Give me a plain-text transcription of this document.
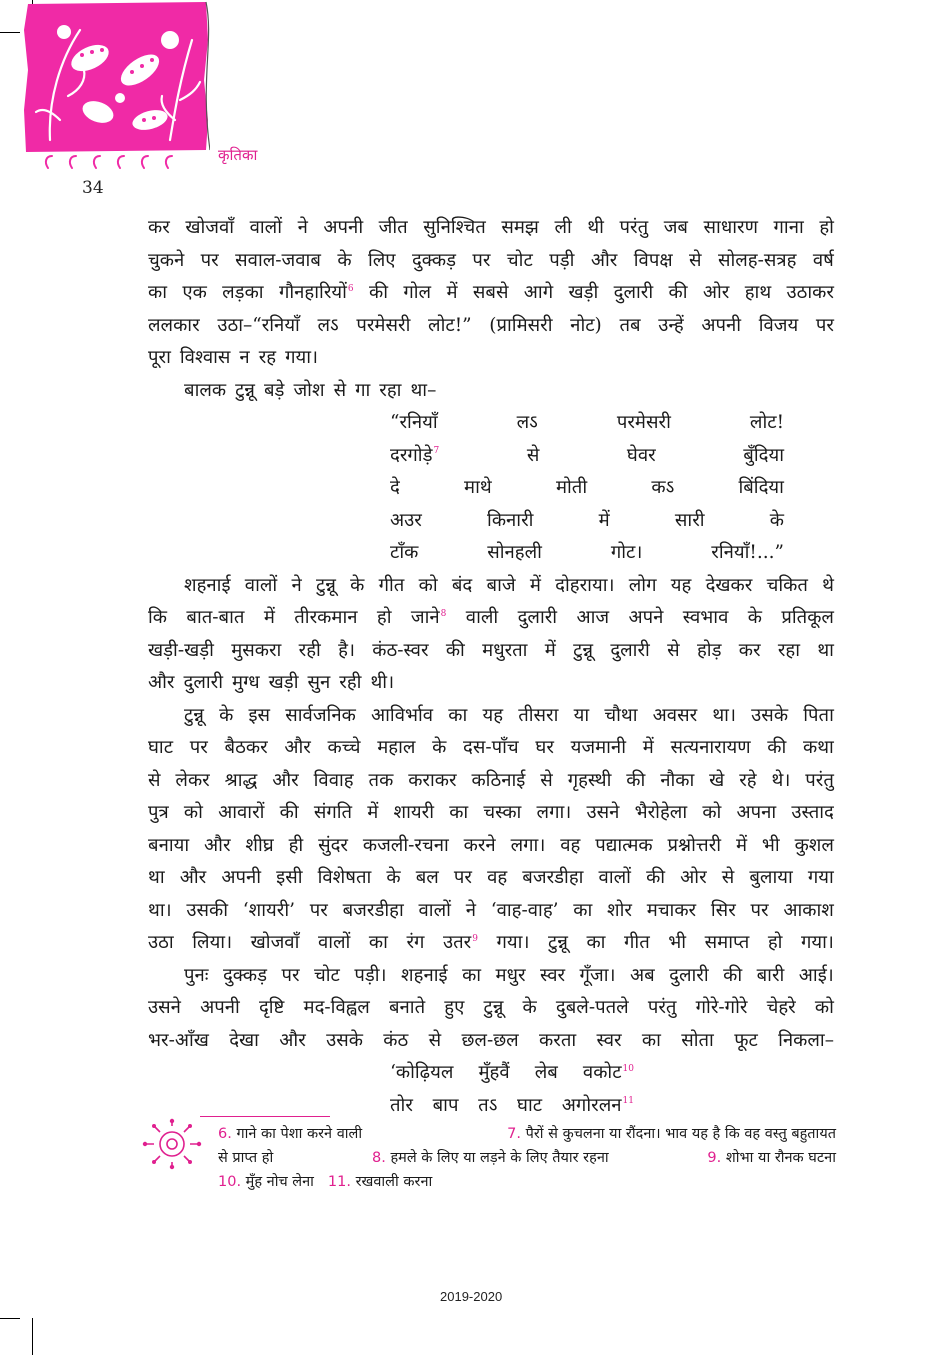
कृतिका
34
कर खोजवाँ वालों ने अपनी जीत सुनिश्चित समझ ली थी परंतु जब साधारण गाना हो
चुकने पर सवाल-जवाब के लिए दुक्कड़ पर चोट पड़ी और विपक्ष से सोलह-सत्रह वर्ष
का एक लड़का गौनहारियों$^6$ की गोल में सबसे आगे खड़ी दुलारी की ओर हाथ उठाकर
ललकार उठा–“रनियाँ लऽ परमेसरी लोट!” (प्रामिसरी नोट) तब उन्हें अपनी विजय पर
पूरा विश्वास न रह गया।
बालक टुन्नू बड़े जोश से गा रहा था–
“रनियाँ	लऽ	परमेसरी	लोट!
दरगोड़े$^7$	से	घेवर	बुँदिया
दे	माथे	मोती	कऽ	बिंदिया
अउर	किनारी	में	सारी	के
टाँक	सोनहली	गोट।	रनियाँ!...”
शहनाई वालों ने टुन्नू के गीत को बंद बाजे में दोहराया। लोग यह देखकर चकित थे
कि बात-बात में तीरकमान हो जाने$^8$ वाली दुलारी आज अपने स्वभाव के प्रतिकूल
खड़ी-खड़ी मुसकरा रही है। कंठ-स्वर की मधुरता में टुन्नू दुलारी से होड़ कर रहा था
और दुलारी मुग्ध खड़ी सुन रही थी।
टुन्नू के इस सार्वजनिक आविर्भाव का यह तीसरा या चौथा अवसर था। उसके पिता
घाट पर बैठकर और कच्चे महाल के दस-पाँच घर यजमानी में सत्यनारायण की कथा
से लेकर श्राद्ध और विवाह तक कराकर कठिनाई से गृहस्थी की नौका खे रहे थे। परंतु
पुत्र को आवारों की संगति में शायरी का चस्का लगा। उसने भैरोहेला को अपना उस्ताद
बनाया और शीघ्र ही सुंदर कजली-रचना करने लगा। वह पद्यात्मक प्रश्नोत्तरी में भी कुशल
था और अपनी इसी विशेषता के बल पर वह बजरडीहा वालों की ओर से बुलाया गया
था। उसकी ‘शायरी’ पर बजरडीहा वालों ने ‘वाह-वाह’ का शोर मचाकर सिर पर आकाश
उठा लिया। खोजवाँ वालों का रंग उतर$^9$ गया। टुन्नू का गीत भी समाप्त हो गया।
पुनः दुक्कड़ पर चोट पड़ी। शहनाई का मधुर स्वर गूँजा। अब दुलारी की बारी आई।
उसने अपनी दृष्टि मद-विह्वल बनाते हुए टुन्नू के दुबले-पतले परंतु गोरे-गोरे चेहरे को
भर-आँख देखा और उसके कंठ से छल-छल करता स्वर का सोता फूट निकला–
‘कोढ़ियल मुँहवैं लेब वकोट$^{10}$
तोर बाप तऽ घाट अगोरलन$^{11}$
6. गाने का पेशा करने वाली	7. पैरों से कुचलना या रौंदना। भाव यह है कि वह वस्तु बहुतायत
से प्राप्त हो	8. हमले के लिए या लड़ने के लिए तैयार रहना	9. शोभा या रौनक घटना
10. मुँह नोच लेना 11. रखवाली करना
2019-2020
